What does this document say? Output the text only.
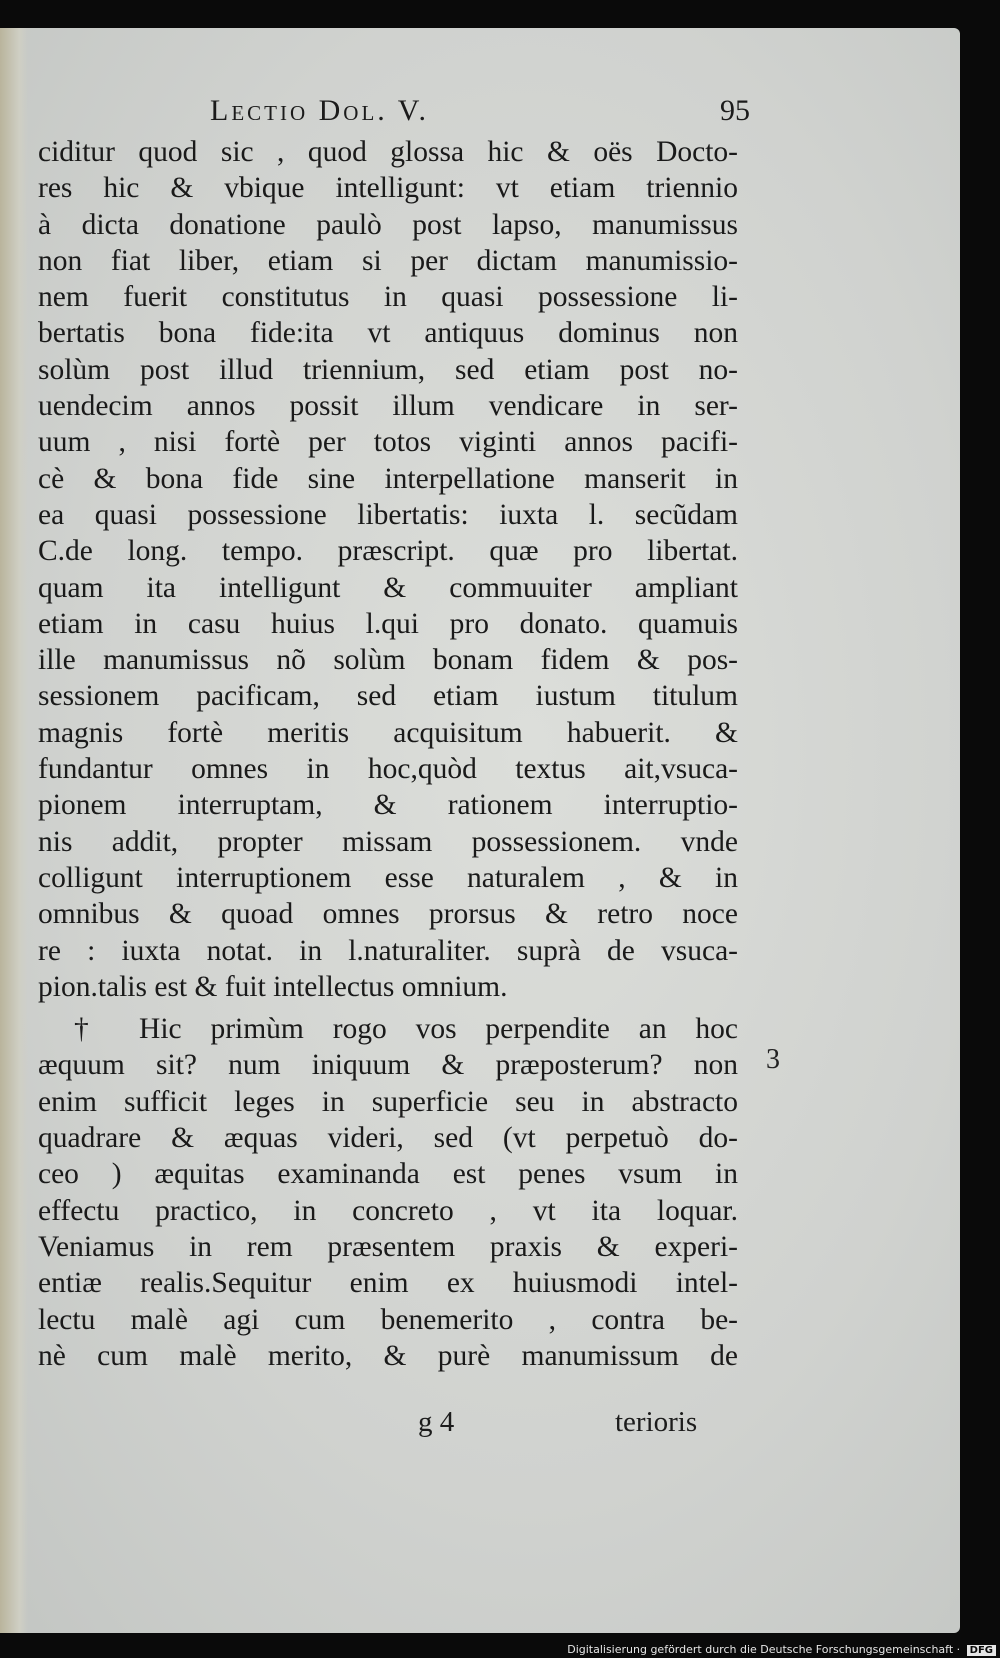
Lectio Dol. V.	95
ciditur quod sic , quod glossa hic & oës Docto-
res hic & vbique intelligunt: vt etiam triennio
à dicta donatione paulò post lapso, manumissus
non fiat liber, etiam si per dictam manumissio-
nem fuerit constitutus in quasi possessione li-
bertatis bona fide:ita vt antiquus dominus non
solùm post illud triennium, sed etiam post no-
uendecim annos possit illum vendicare in ser-
uum , nisi fortè per totos viginti annos pacifi-
cè & bona fide sine interpellatione manserit in
ea quasi possessione libertatis: iuxta l. secũdam
C.de long. tempo. præscript. quæ pro libertat.
quam ita intelligunt & commuuiter ampliant
etiam in casu huius l.qui pro donato. quamuis
ille manumissus nõ solùm bonam fidem & pos-
sessionem pacificam, sed etiam iustum titulum
magnis fortè meritis acquisitum habuerit. &
fundantur omnes in hoc,quòd textus ait,vsuca-
pionem interruptam, & rationem interruptio-
nis addit, propter missam possessionem. vnde
colligunt interruptionem esse naturalem , & in
omnibus & quoad omnes prorsus & retro noce
re : iuxta notat. in l.naturaliter. suprà de vsuca-
pion.talis est & fuit intellectus omnium.
† Hic primùm rogo vos perpendite an hoc
æquum sit? num iniquum & præposterum? non
enim sufficit leges in superficie seu in abstracto
quadrare & æquas videri, sed (vt perpetuò do-
ceo ) æquitas examinanda est penes vsum in
effectu practico, in concreto , vt ita loquar.
Veniamus in rem præsentem praxis & experi-
entiæ realis.Sequitur enim ex huiusmodi intel-
lectu malè agi cum benemerito , contra be-
nè cum malè merito, & purè manumissum de
3
g 4	terioris
Digitalisierung gefördert durch die Deutsche Forschungsgemeinschaft · DFG
